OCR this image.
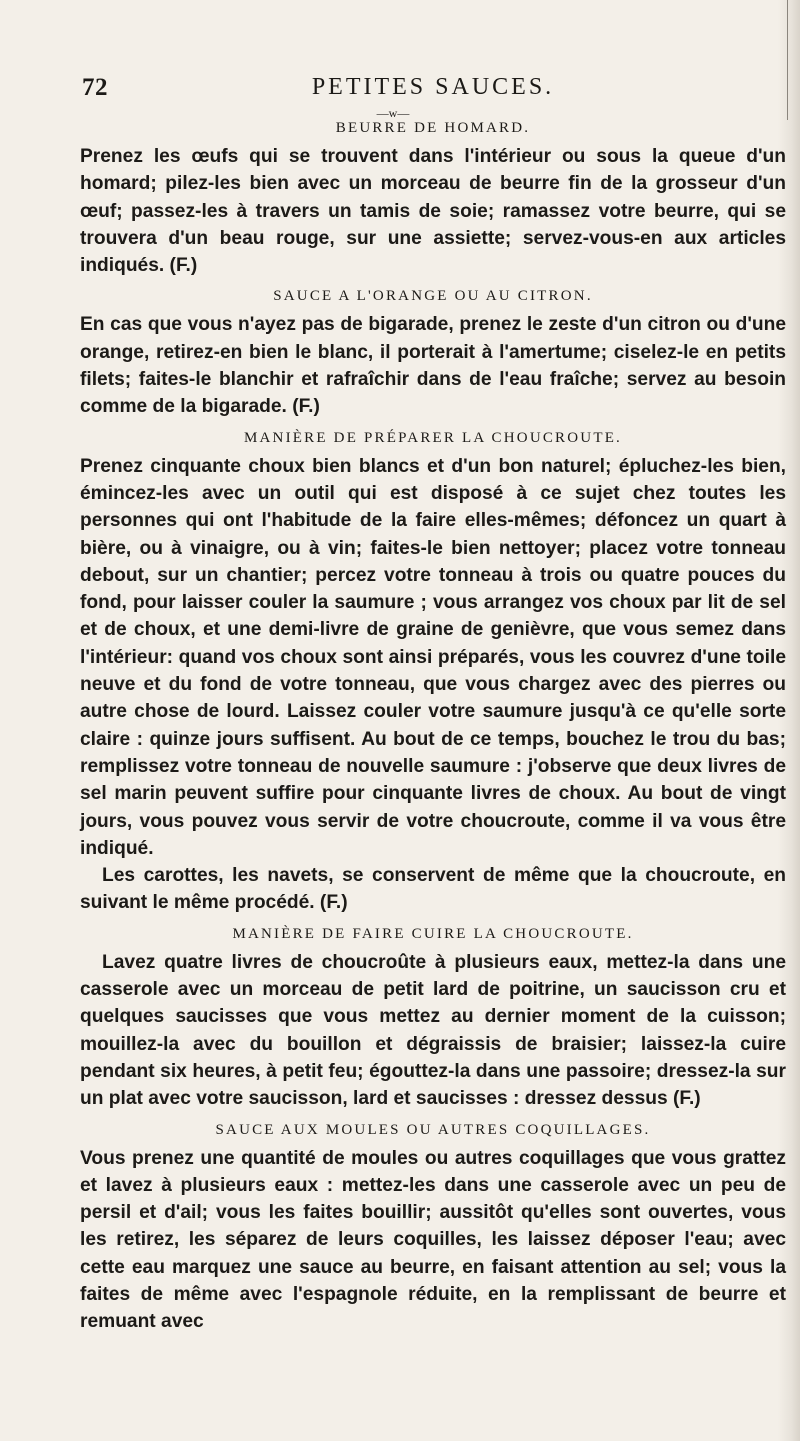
72	PETITES SAUCES.
—w—
BEURRE DE HOMARD.

Prenez les œufs qui se trouvent dans l'intérieur ou sous la queue d'un homard; pilez-les bien avec un morceau de beurre fin de la grosseur d'un œuf; passez-les à travers un tamis de soie; ramassez votre beurre, qui se trouvera d'un beau rouge, sur une assiette; servez-vous-en aux articles indiqués. (F.)

SAUCE A L'ORANGE OU AU CITRON.

En cas que vous n'ayez pas de bigarade, prenez le zeste d'un citron ou d'une orange, retirez-en bien le blanc, il porterait à l'amertume; ciselez-le en petits filets; faites-le blanchir et rafraîchir dans de l'eau fraîche; servez au besoin comme de la bigarade. (F.)

MANIÈRE DE PRÉPARER LA CHOUCROUTE.

Prenez cinquante choux bien blancs et d'un bon naturel; épluchez-les bien, émincez-les avec un outil qui est disposé à ce sujet chez toutes les personnes qui ont l'habitude de la faire elles-mêmes; défoncez un quart à bière, ou à vinaigre, ou à vin; faites-le bien nettoyer; placez votre tonneau debout, sur un chantier; percez votre tonneau à trois ou quatre pouces du fond, pour laisser couler la saumure ; vous arrangez vos choux par lit de sel et de choux, et une demi-livre de graine de genièvre, que vous semez dans l'intérieur: quand vos choux sont ainsi préparés, vous les couvrez d'une toile neuve et du fond de votre tonneau, que vous chargez avec des pierres ou autre chose de lourd. Laissez couler votre saumure jusqu'à ce qu'elle sorte claire : quinze jours suffisent. Au bout de ce temps, bouchez le trou du bas; remplissez votre tonneau de nouvelle saumure : j'observe que deux livres de sel marin peuvent suffire pour cinquante livres de choux. Au bout de vingt jours, vous pouvez vous servir de votre choucroute, comme il va vous être indiqué.

Les carottes, les navets, se conservent de même que la choucroute, en suivant le même procédé. (F.)

MANIÈRE DE FAIRE CUIRE LA CHOUCROUTE.

Lavez quatre livres de choucroûte à plusieurs eaux, mettez-la dans une casserole avec un morceau de petit lard de poitrine, un saucisson cru et quelques saucisses que vous mettez au dernier moment de la cuisson; mouillez-la avec du bouillon et dégraissis de braisier; laissez-la cuire pendant six heures, à petit feu; égouttez-la dans une passoire; dressez-la sur un plat avec votre saucisson, lard et saucisses : dressez dessus (F.)

SAUCE AUX MOULES OU AUTRES COQUILLAGES.

Vous prenez une quantité de moules ou autres coquillages que vous grattez et lavez à plusieurs eaux : mettez-les dans une casserole avec un peu de persil et d'ail; vous les faites bouillir; aussitôt qu'elles sont ouvertes, vous les retirez, les séparez de leurs coquilles, les laissez déposer l'eau; avec cette eau marquez une sauce au beurre, en faisant attention au sel; vous la faites de même avec l'espagnole réduite, en la remplissant de beurre et remuant avec
